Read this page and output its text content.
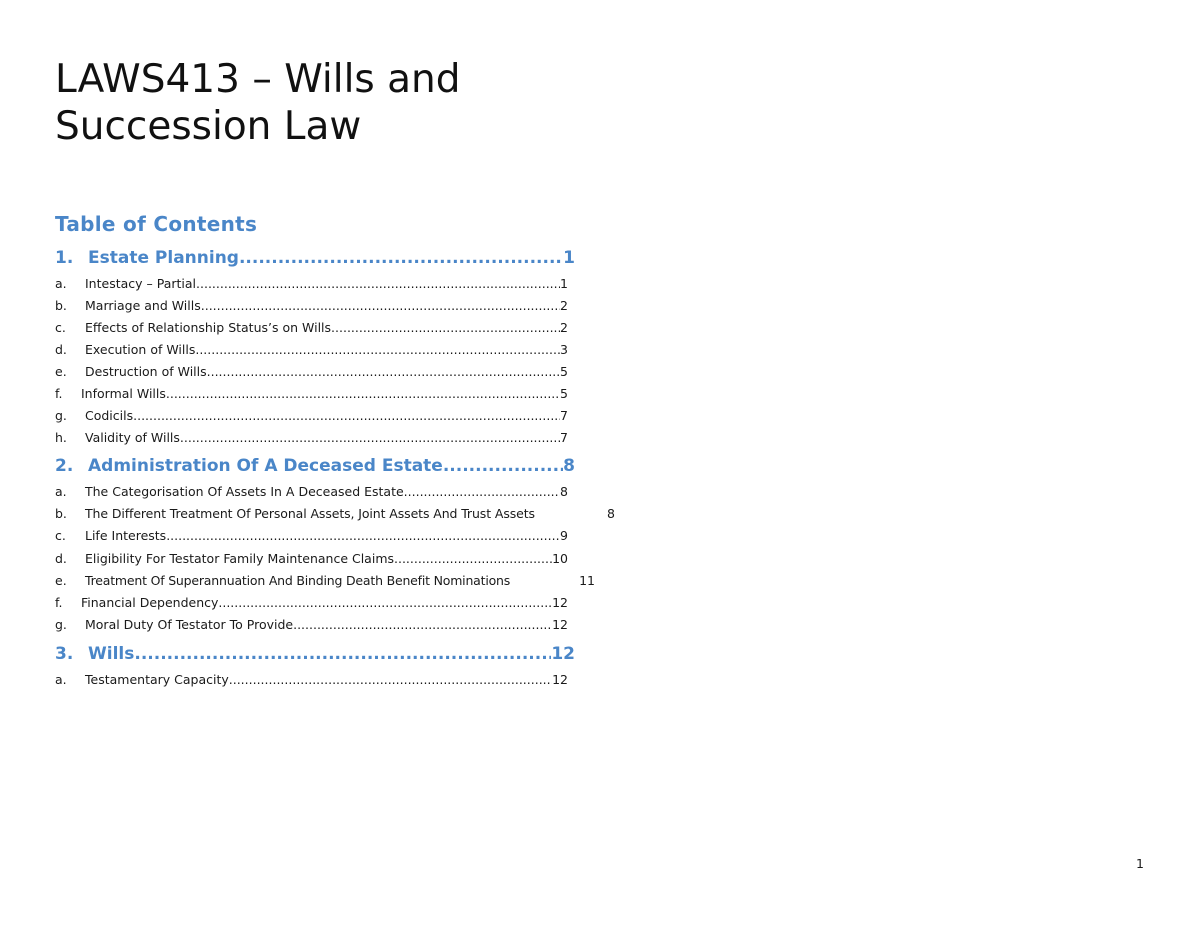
LAWS413 – Wills and
Succession Law
Table of Contents
1. Estate Planning .....	1
a.	Intestacy – Partial .....	1
b.	Marriage and Wills .....	2
c.	Effects of Relationship Status’s on Wills .....	2
d.	Execution of Wills .....	3
e.	Destruction of Wills .....	5
f.	Informal Wills .....	5
g.	Codicils .....	7
h.	Validity of Wills .....	7
2. Administration Of A Deceased Estate .....	8
a.	The Categorisation Of Assets In A Deceased Estate .....	8
b.	The Different Treatment Of Personal Assets, Joint Assets And Trust Assets	8
c.	Life Interests .....	9
d.	Eligibility For Testator Family Maintenance Claims .....	10
e.	Treatment Of Superannuation And Binding Death Benefit Nominations	11
f.	Financial Dependency .....	12
g.	Moral Duty Of Testator To Provide .....	12
3. Wills .....	12
a.	Testamentary Capacity .....	12
1
